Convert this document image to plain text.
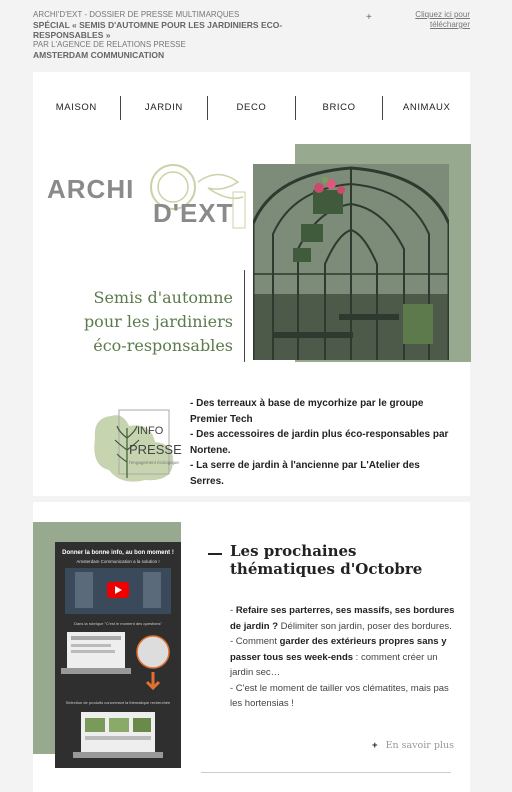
ARCHI'D'EXT - DOSSIER DE PRESSE MULTIMARQUES
SPÉCIAL « SEMIS D'AUTOMNE POUR LES JARDINIERS ECO-RESPONSABLES »
PAR L'AGENCE DE RELATIONS PRESSE
AMSTERDAM COMMUNICATION
+	Cliquez ici pour télécharger
MAISON	JARDIN	DECO	BRICO	ANIMAUX
ARCHI
D'EXT
Semis d'automne
pour les jardiniers
éco-responsables
INFO
PRESSE
l'engagement écologique
- Des terreaux à base de mycorhize par le groupe Premier Tech
- Des accessoires de jardin plus éco-responsables par Nortene.
- La serre de jardin à l'ancienne par L'Atelier des Serres.
Donner la bonne info, au bon moment !
Amsterdam Communication a la solution !
Dans la rubrique "C'est le moment des questions"
Sélection de produits concernant la thématique recherchée
Les prochaines thématiques d'Octobre
- Refaire ses parterres, ses massifs, ses bordures de jardin ? Délimiter son jardin, poser des bordures.
- Comment garder des extérieurs propres sans y passer tous ses week-ends : comment créer un jardin sec…
- C'est le moment de tailler vos clématites, mais pas les hortensias !
+ En savoir plus
